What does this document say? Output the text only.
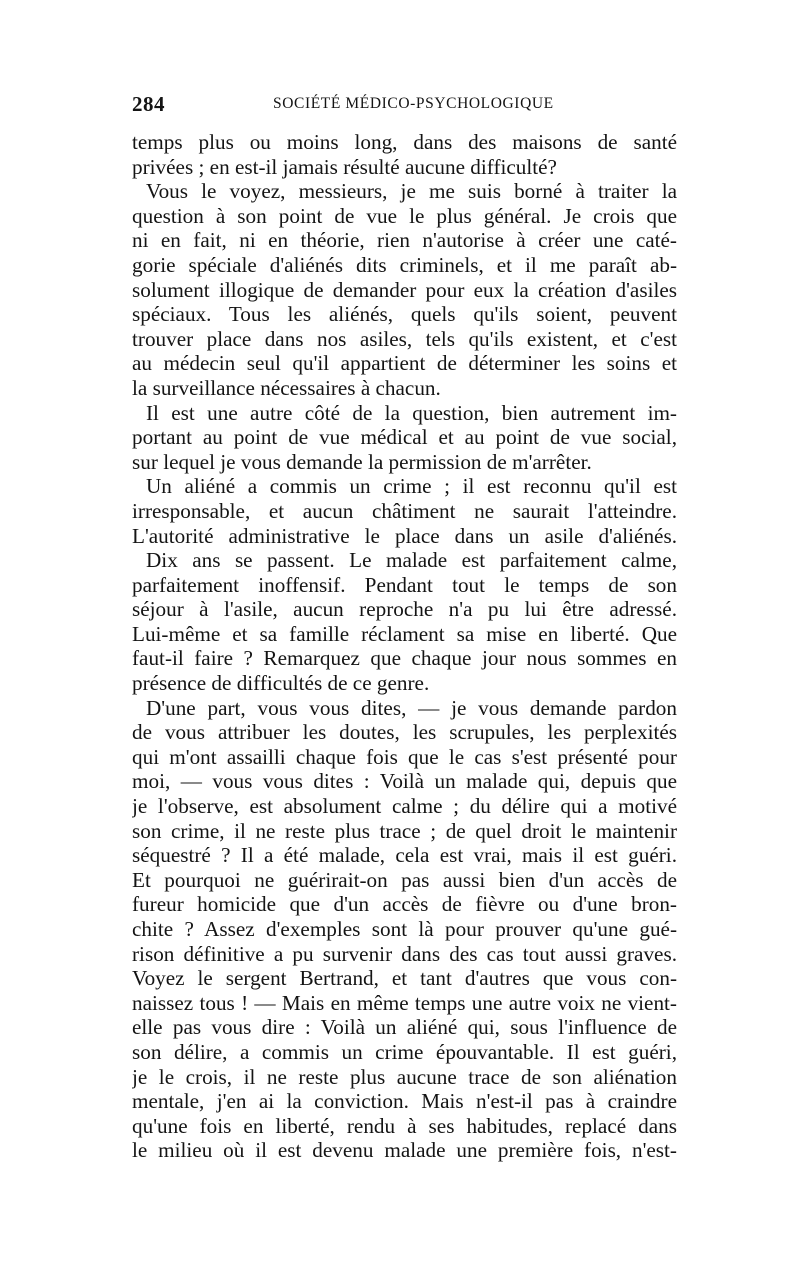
284	SOCIÉTÉ MÉDICO-PSYCHOLOGIQUE
temps plus ou moins long, dans des maisons de santé
privées ; en est-il jamais résulté aucune difficulté?
Vous le voyez, messieurs, je me suis borné à traiter la
question à son point de vue le plus général. Je crois que
ni en fait, ni en théorie, rien n'autorise à créer une caté-
gorie spéciale d'aliénés dits criminels, et il me paraît ab-
solument illogique de demander pour eux la création d'asiles
spéciaux. Tous les aliénés, quels qu'ils soient, peuvent
trouver place dans nos asiles, tels qu'ils existent, et c'est
au médecin seul qu'il appartient de déterminer les soins et
la surveillance nécessaires à chacun.
Il est une autre côté de la question, bien autrement im-
portant au point de vue médical et au point de vue social,
sur lequel je vous demande la permission de m'arrêter.
Un aliéné a commis un crime ; il est reconnu qu'il est
irresponsable, et aucun châtiment ne saurait l'atteindre.
L'autorité administrative le place dans un asile d'aliénés.
Dix ans se passent. Le malade est parfaitement calme,
parfaitement inoffensif. Pendant tout le temps de son
séjour à l'asile, aucun reproche n'a pu lui être adressé.
Lui-même et sa famille réclament sa mise en liberté. Que
faut-il faire ? Remarquez que chaque jour nous sommes en
présence de difficultés de ce genre.
D'une part, vous vous dites, — je vous demande pardon
de vous attribuer les doutes, les scrupules, les perplexités
qui m'ont assailli chaque fois que le cas s'est présenté pour
moi, — vous vous dites : Voilà un malade qui, depuis que
je l'observe, est absolument calme ; du délire qui a motivé
son crime, il ne reste plus trace ; de quel droit le maintenir
séquestré ? Il a été malade, cela est vrai, mais il est guéri.
Et pourquoi ne guérirait-on pas aussi bien d'un accès de
fureur homicide que d'un accès de fièvre ou d'une bron-
chite ? Assez d'exemples sont là pour prouver qu'une gué-
rison définitive a pu survenir dans des cas tout aussi graves.
Voyez le sergent Bertrand, et tant d'autres que vous con-
naissez tous ! — Mais en même temps une autre voix ne vient-
elle pas vous dire : Voilà un aliéné qui, sous l'influence de
son délire, a commis un crime épouvantable. Il est guéri,
je le crois, il ne reste plus aucune trace de son aliénation
mentale, j'en ai la conviction. Mais n'est-il pas à craindre
qu'une fois en liberté, rendu à ses habitudes, replacé dans
le milieu où il est devenu malade une première fois, n'est-
